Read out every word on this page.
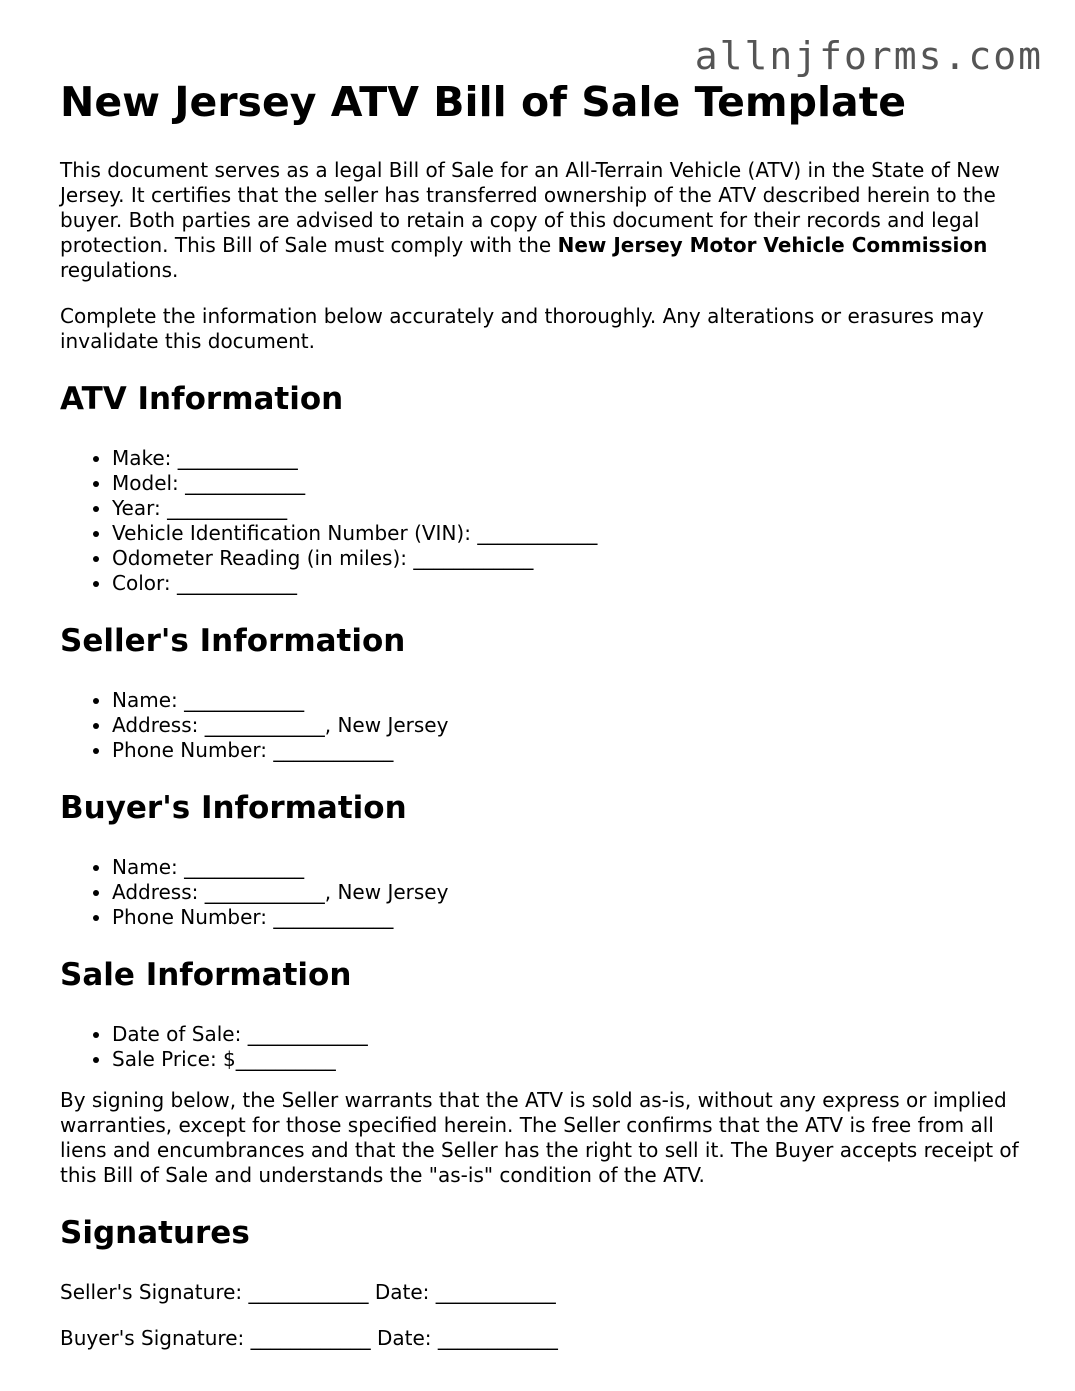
allnjforms.com
New Jersey ATV Bill of Sale Template

This document serves as a legal Bill of Sale for an All-Terrain Vehicle (ATV) in the State of New Jersey. It certifies that the seller has transferred ownership of the ATV described herein to the buyer. Both parties are advised to retain a copy of this document for their records and legal protection. This Bill of Sale must comply with the New Jersey Motor Vehicle Commission regulations.

Complete the information below accurately and thoroughly. Any alterations or erasures may invalidate this document.

ATV Information
• Make: ____________
• Model: ____________
• Year: ____________
• Vehicle Identification Number (VIN): ____________
• Odometer Reading (in miles): ____________
• Color: ____________
Seller's Information
• Name: ____________
• Address: ____________, New Jersey
• Phone Number: ____________
Buyer's Information
• Name: ____________
• Address: ____________, New Jersey
• Phone Number: ____________
Sale Information
• Date of Sale: ____________
• Sale Price: $__________

By signing below, the Seller warrants that the ATV is sold as-is, without any express or implied warranties, except for those specified herein. The Seller confirms that the ATV is free from all liens and encumbrances and that the Seller has the right to sell it. The Buyer accepts receipt of this Bill of Sale and understands the "as-is" condition of the ATV.

Signatures

Seller's Signature: ____________ Date: ____________

Buyer's Signature: ____________ Date: ____________
